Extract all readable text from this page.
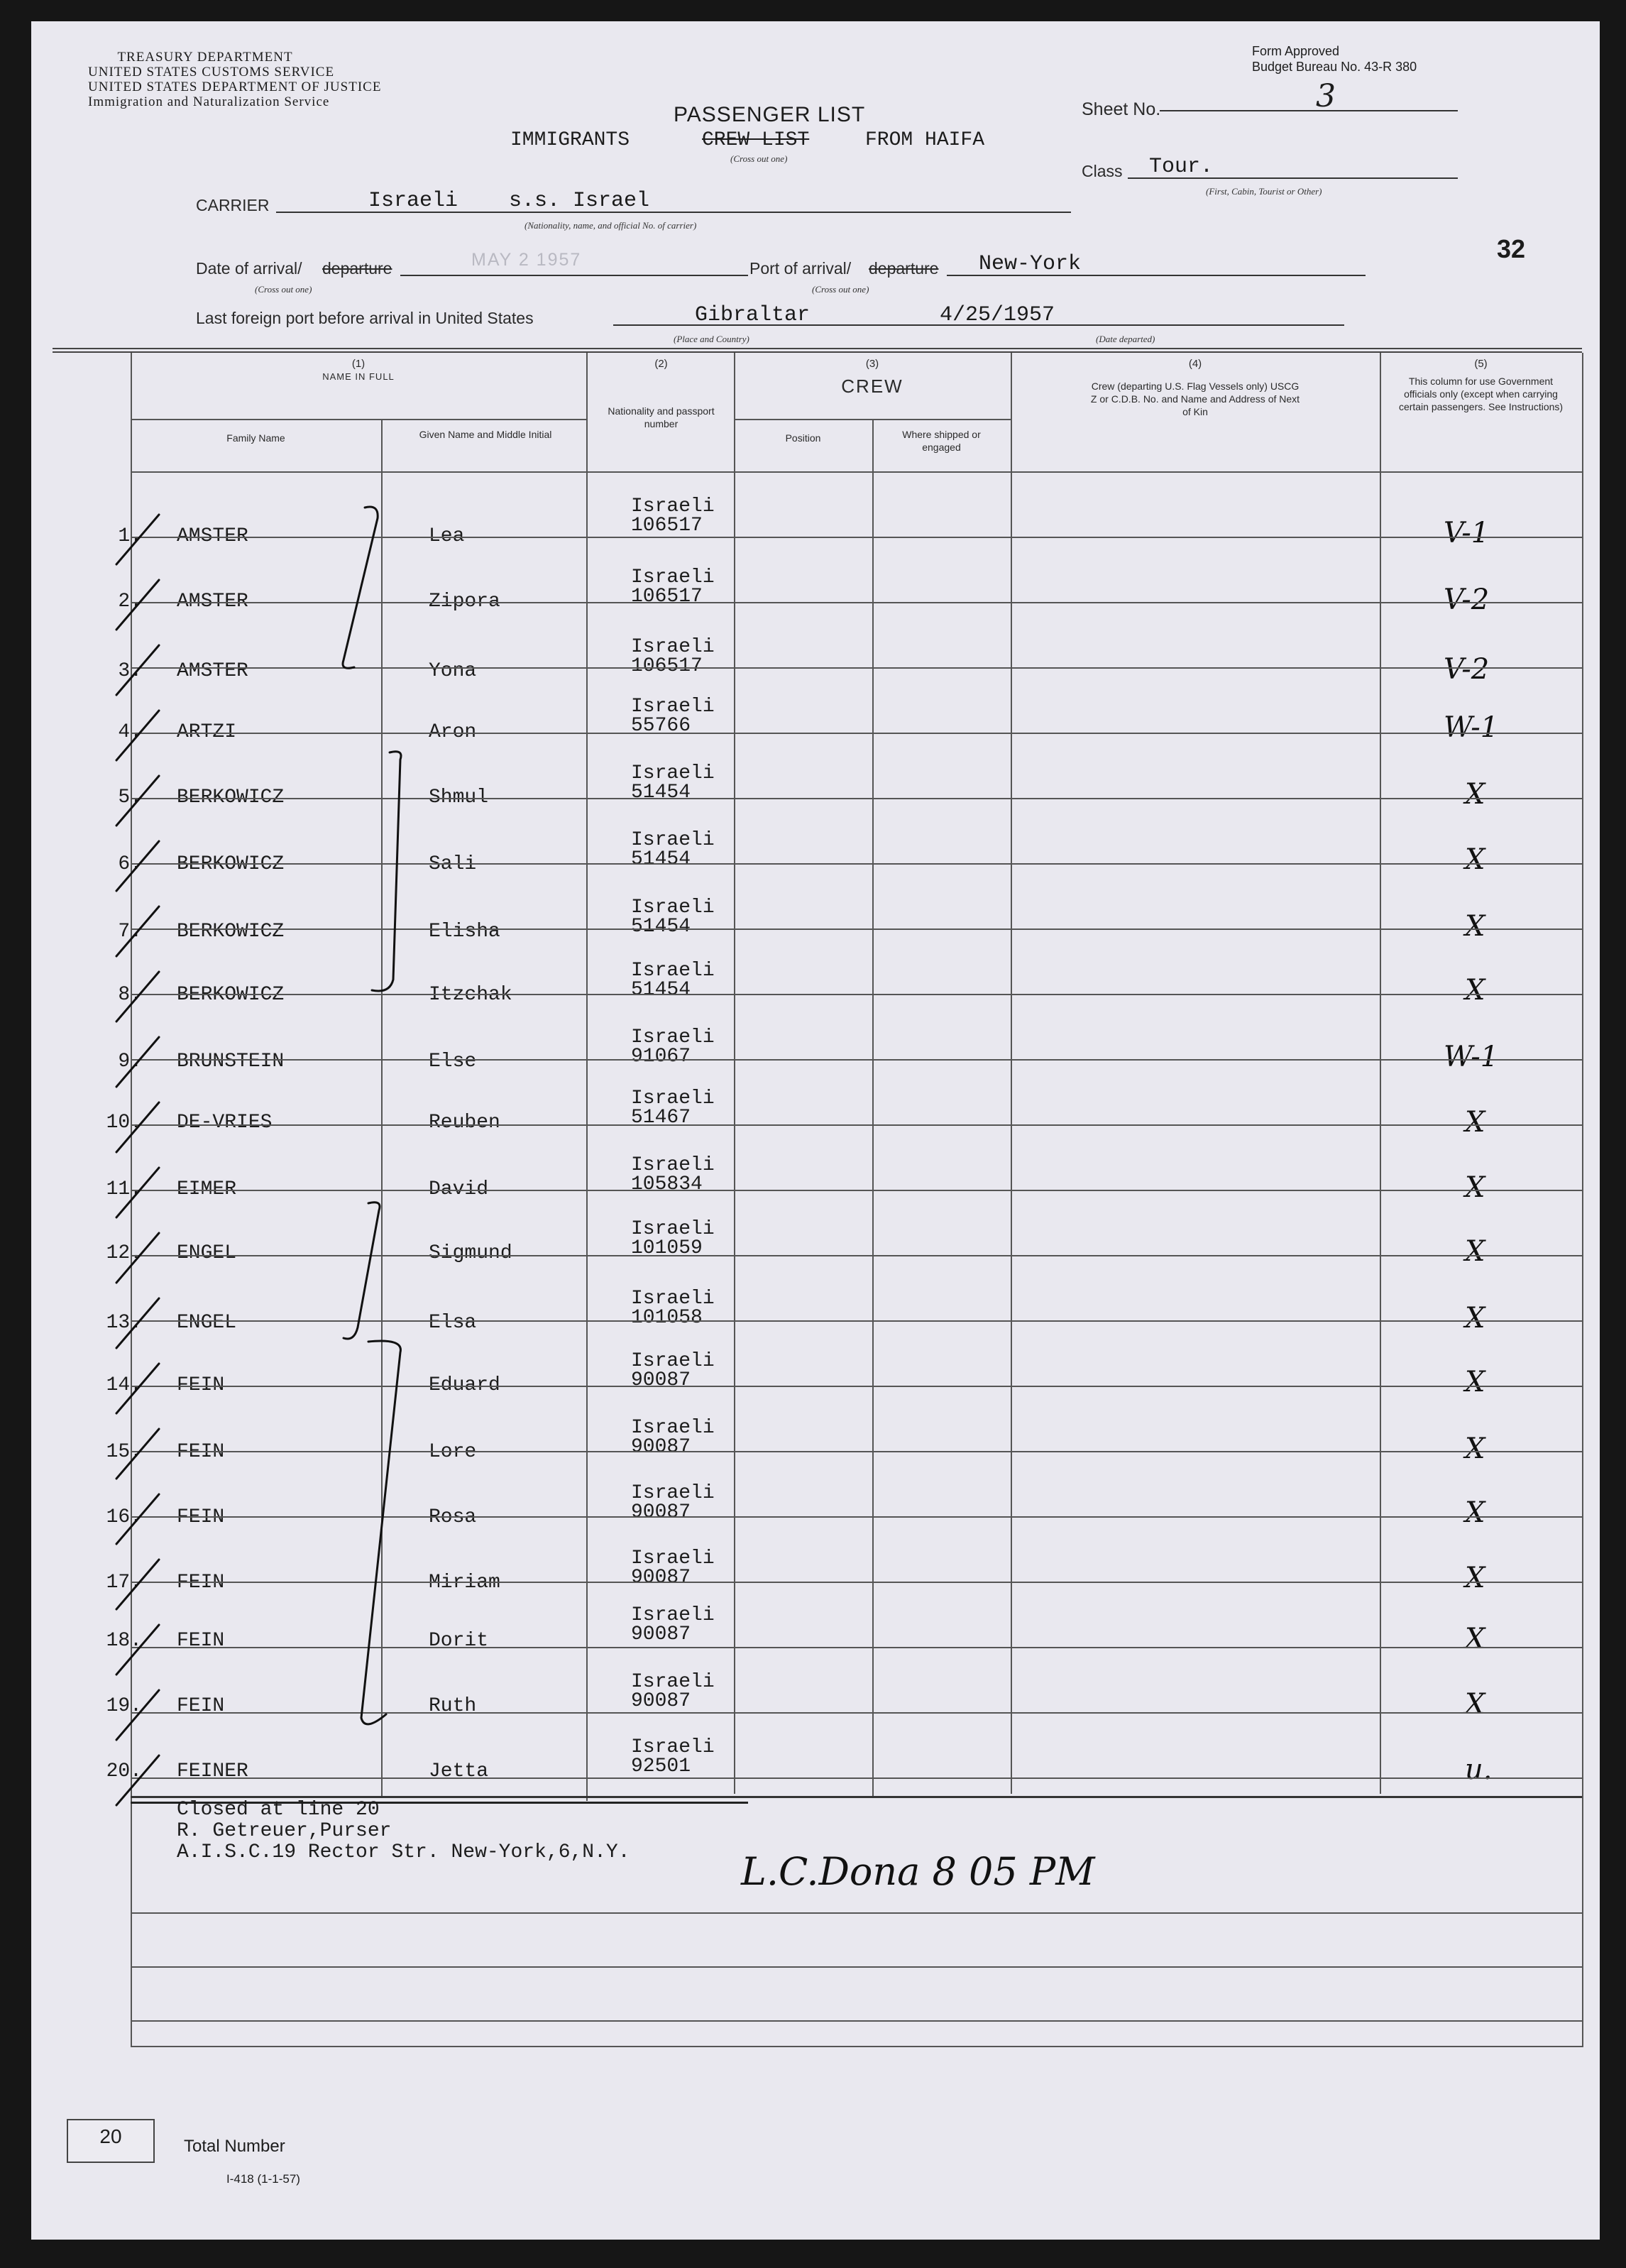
TREASURY DEPARTMENT
UNITED STATES CUSTOMS SERVICE
UNITED STATES DEPARTMENT OF JUSTICE
Immigration and Naturalization Service
Form Approved
Budget Bureau No. 43-R 380
PASSENGER LIST
IMMIGRANTS	CREW LIST	FROM HAIFA
(Cross out one)
Sheet No.	3
Class Tour.
(First, Cabin, Tourist or Other)
32
CARRIER	Israeli    s.s. Israel
(Nationality, name, and official No. of carrier)
Date of arrival/ departure	MAY 2 1957
(Cross out one)
Port of arrival/ departure New-York
(Cross out one)
Last foreign port before arrival in United States	Gibraltar	4/25/1957
(Place and Country)	(Date departed)
(1)
NAME IN FULL
Family Name	Given Name and Middle Initial
(2)
Nationality and passport number
(3)
CREW
Position	Where shipped or engaged
(4)
Crew (departing U.S. Flag Vessels only) USCG Z or C.D.B. No. and Name and Address of Next of Kin
(5)
This column for use Government officials only (except when carrying certain passengers. See Instructions)
1. AMSTER	Lea
Israeli
106517	V-1
2. AMSTER	Zipora
Israeli
106517	V-2
3. AMSTER	Yona
Israeli
106517	V-2
4. ARTZI	Aron
Israeli
55766	W-1
5. BERKOWICZ	Shmul
Israeli
51454	X
6. BERKOWICZ	Sali
Israeli
51454	X
7. BERKOWICZ	Elisha
Israeli
51454	X
8. BERKOWICZ	Itzchak
Israeli
51454	X
9. BRUNSTEIN	Else
Israeli
91067	W-1
10. DE-VRIES	Reuben
Israeli
51467	X
11. EIMER	David
Israeli
105834	X
12. ENGEL	Sigmund
Israeli
101059	X
13. ENGEL	Elsa
Israeli
101058	X
14. FEIN	Eduard
Israeli
90087	X
15. FEIN	Lore
Israeli
90087	X
16. FEIN	Rosa
Israeli
90087	X
17. FEIN	Miriam
Israeli
90087	X
18. FEIN	Dorit
Israeli
90087	X
19. FEIN	Ruth
Israeli
90087	X
20. FEINER	Jetta
Israeli
92501	u.
Closed at line 20
R. Getreuer,Purser
A.I.S.C.19 Rector Str. New-York,6,N.Y.	L.C.Dona 8 05 PM
20	Total Number
I-418 (1-1-57)
